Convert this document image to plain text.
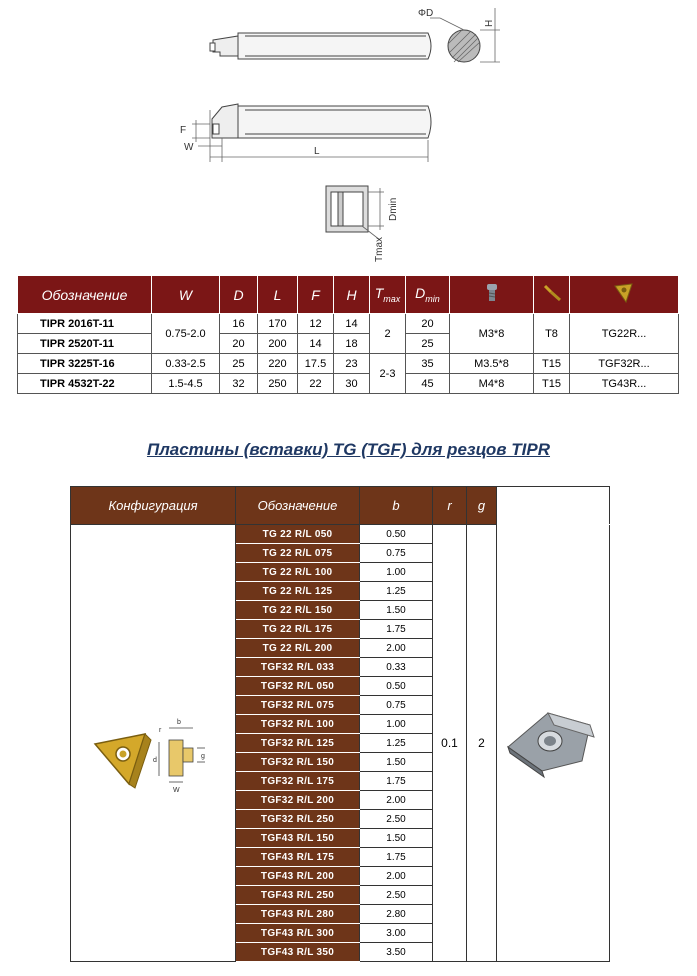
ΦD
H
F
W	L
Dmin
Tmax
Обозначение	W	D	L	F	H	$T_{max}$	$D_{min}$			
TIPR 2016T-11	0.75-2.0	16	170	12	14	2	20	M3*8	T8	TG22R...
TIPR 2520T-11		20	200	14	18		25			
TIPR 3225T-16	0.33-2.5	25	220	17.5	23	2-3	35	M3.5*8	T15	TGF32R...
TIPR 4532T-22	1.5-4.5	32	250	22	30		45	M4*8	T15	TG43R...
Пластины (вставки) TG (TGF) для резцов TIPR
Конфигурация	Обозначение	b	r	g	

b
r
g
d
W	TG 22 R/L 050	0.50	0.1	2	
	TG 22 R/L 075	0.75			
	TG 22 R/L 100	1.00			
	TG 22 R/L 125	1.25			
	TG 22 R/L 150	1.50			
	TG 22 R/L 175	1.75			
	TG 22 R/L 200	2.00			
	TGF32 R/L 033	0.33			
	TGF32 R/L 050	0.50			
	TGF32 R/L 075	0.75			
	TGF32 R/L 100	1.00			
	TGF32 R/L 125	1.25			
	TGF32 R/L 150	1.50			
	TGF32 R/L 175	1.75			
	TGF32 R/L 200	2.00			
	TGF32 R/L 250	2.50			
	TGF43 R/L 150	1.50			
	TGF43 R/L 175	1.75			
	TGF43 R/L 200	2.00			
	TGF43 R/L 250	2.50			
	TGF43 R/L 280	2.80			
	TGF43 R/L 300	3.00			
	TGF43 R/L 350	3.50			
